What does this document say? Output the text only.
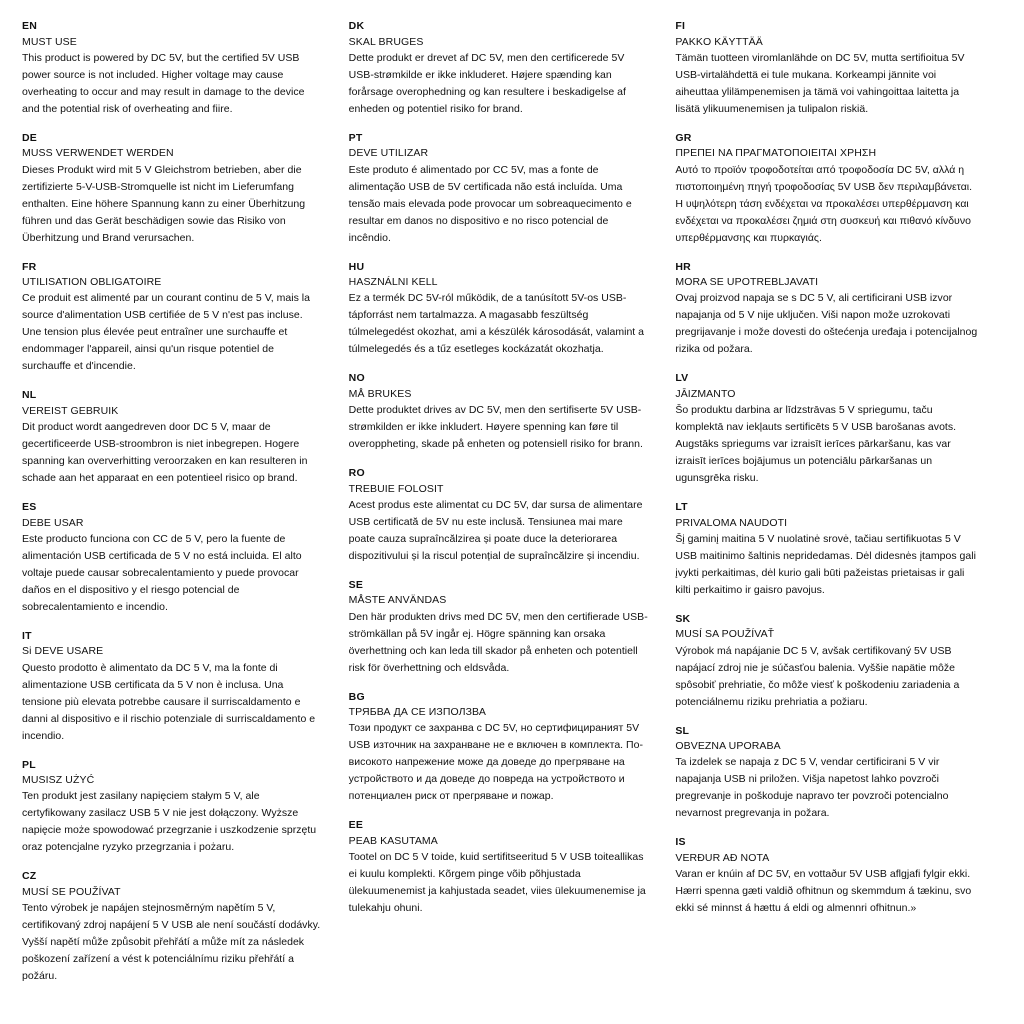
EN
MUST USE
This product is powered by DC 5V, but the certified 5V USB power source is not included. Higher voltage may cause overheating to occur and may result in damage to the device and the potential risk of overheating and fiire.
DE
MUSS VERWENDET WERDEN
Dieses Produkt wird mit 5 V Gleichstrom betrieben, aber die zertifizierte 5-V-USB-Stromquelle ist nicht im Lieferumfang enthalten. Eine höhere Spannung kann zu einer Überhitzung führen und das Gerät beschädigen sowie das Risiko von Überhitzung und Brand verursachen.
FR
UTILISATION OBLIGATOIRE
Ce produit est alimenté par un courant continu de 5 V, mais la source d'alimentation USB certifiée de 5 V n'est pas incluse. Une tension plus élevée peut entraîner une surchauffe et endommager l'appareil, ainsi qu'un risque potentiel de surchauffe et d'incendie.
NL
VEREIST GEBRUIK
Dit product wordt aangedreven door DC 5 V, maar de gecertificeerde USB-stroombron is niet inbegrepen. Hogere spanning kan oververhitting veroorzaken en kan resulteren in schade aan het apparaat en een potentieel risico op brand.
ES
DEBE USAR
Este producto funciona con CC de 5 V, pero la fuente de alimentación USB certificada de 5 V no está incluida. El alto voltaje puede causar sobrecalentamiento y puede provocar daños en el dispositivo y el riesgo potencial de sobrecalentamiento e incendio.
IT
Si DEVE USARE
Questo prodotto è alimentato da DC 5 V, ma la fonte di alimentazione USB certificata da 5 V non è inclusa. Una tensione più elevata potrebbe causare il surriscaldamento e danni al dispositivo e il rischio potenziale di surriscaldamento e incendio.
PL
MUSISZ UŻYĆ
Ten produkt jest zasilany napięciem stałym 5 V, ale certyfikowany zasilacz USB 5 V nie jest dołączony. Wyższe napięcie może spowodować przegrzanie i uszkodzenie sprzętu oraz potencjalne ryzyko przegrzania i pożaru.
CZ
MUSÍ SE POUŽÍVAT
Tento výrobek je napájen stejnosměrným napětím 5 V, certifikovaný zdroj napájení 5 V USB ale není součástí dodávky. Vyšší napětí může způsobit přehřátí a může mít za následek poškození zařízení a vést k potenciálnímu riziku přehřátí a požáru.
DK
SKAL BRUGES
Dette produkt er drevet af DC 5V, men den certificerede 5V USB-strømkilde er ikke inkluderet. Højere spænding kan forårsage overophedning og kan resultere i beskadigelse af enheden og potentiel risiko for brand.
PT
DEVE UTILIZAR
Este produto é alimentado por CC 5V, mas a fonte de alimentação USB de 5V certificada não está incluída. Uma tensão mais elevada pode provocar um sobreaquecimento e resultar em danos no dispositivo e no risco potencial de incêndio.
HU
HASZNÁLNI KELL
Ez a termék DC 5V-ról működik, de a tanúsított 5V-os USB-tápforrást nem tartalmazza. A magasabb feszültség túlmelegedést okozhat, ami a készülék károsodását, valamint a túlmelegedés és a tűz esetleges kockázatát okozhatja.
NO
MÅ BRUKES
Dette produktet drives av DC 5V, men den sertifiserte 5V USB-strømkilden er ikke inkludert. Høyere spenning kan føre til overoppheting, skade på enheten og potensiell risiko for brann.
RO
TREBUIE FOLOSIT
Acest produs este alimentat cu DC 5V, dar sursa de alimentare USB certificată de 5V nu este inclusă. Tensiunea mai mare poate cauza supraîncălzirea și poate duce la deteriorarea dispozitivului și la riscul potențial de supraîncălzire și incendiu.
SE
MÅSTE ANVÄNDAS
Den här produkten drivs med DC 5V, men den certifierade USB-strömkällan på 5V ingår ej. Högre spänning kan orsaka överhettning och kan leda till skador på enheten och potentiell risk för överhettning och eldsvåda.
BG
ТРЯБВА ДА СЕ ИЗПОЛЗВА
Този продукт се захранва с DC 5V, но сертифицираният 5V USB източник на захранване не е включен в комплекта. По-високото напрежение може да доведе до прегряване на устройството и да доведе до повреда на устройството и потенциален риск от прегряване и пожар.
EE
PEAB KASUTAMA
Tootel on DC 5 V toide, kuid sertifitseeritud 5 V USB toiteallikas ei kuulu komplekti. Kõrgem pinge võib põhjustada ülekuumenemist ja kahjustada seadet, viies ülekuumenemise ja tulekahju ohuni.
FI
PAKKO KÄYTTÄÄ
Tämän tuotteen viromlanlähde on DC 5V, mutta sertifioitua 5V USB-virtalähdettä ei tule mukana. Korkeampi jännite voi aiheuttaa ylilämpenemisen ja tämä voi vahingoittaa laitetta ja lisätä ylikuumenemisen ja tulipalon riskiä.
GR
ΠΡΕΠΕΙ ΝΑ ΠΡΑΓΜΑΤΟΠΟΙΕΙΤΑΙ ΧΡΗΣΗ
Αυτό το προϊόν τροφοδοτείται από τροφοδοσία DC 5V, αλλά η πιστοποιημένη πηγή τροφοδοσίας 5V USB δεν περιλαμβάνεται. Η υψηλότερη τάση ενδέχεται να προκαλέσει υπερθέρμανση και ενδέχεται να προκαλέσει ζημιά στη συσκευή και πιθανό κίνδυνο υπερθέρμανσης και πυρκαγιάς.
HR
MORA SE UPOTREBLJAVATI
Ovaj proizvod napaja se s DC 5 V, ali certificirani USB izvor napajanja od 5 V nije uključen. Viši napon može uzrokovati pregrijavanje i može dovesti do oštećenja uređaja i potencijalnog rizika od požara.
LV
JĀIZMANTO
Šo produktu darbina ar līdzstrāvas 5 V spriegumu, taču komplektā nav iekļauts sertificēts 5 V USB barošanas avots. Augstāks spriegums var izraisīt ierīces pārkaršanu, kas var izraisīt ierīces bojājumus un potenciālu pārkaršanas un ugunsgrēka risku.
LT
PRIVALOMA NAUDOTI
Šį gaminį maitina 5 V nuolatinė srovė, tačiau sertifikuotas 5 V USB maitinimo šaltinis nepridedamas. Dėl didesnės įtampos gali įvykti perkaitimas, dėl kurio gali būti pažeistas prietaisas ir gali kilti perkaitimo ir gaisro pavojus.
SK
MUSÍ SA POUŽÍVAŤ
Výrobok má napájanie DC 5 V, avšak certifikovaný 5V USB napájací zdroj nie je súčasťou balenia. Vyššie napätie môže spôsobiť prehriatie, čo môže viesť k poškodeniu zariadenia a potenciálnemu riziku prehriatia a požiaru.
SL
OBVEZNA UPORABA
Ta izdelek se napaja z DC 5 V, vendar certificirani 5 V vir napajanja USB ni priložen. Višja napetost lahko povzroči pregrevanje in poškoduje napravo ter povzroči potencialno nevarnost pregrevanja in požara.
IS
VERÐUR AÐ NOTA
Varan er knúin af DC 5V, en vottaður 5V USB aflgjafi fylgir ekki. Hærri spenna gæti valdið ofhitnun og skemmdum á tækinu, svo ekki sé minnst á hættu á eldi og almennri ofhitnun.»
